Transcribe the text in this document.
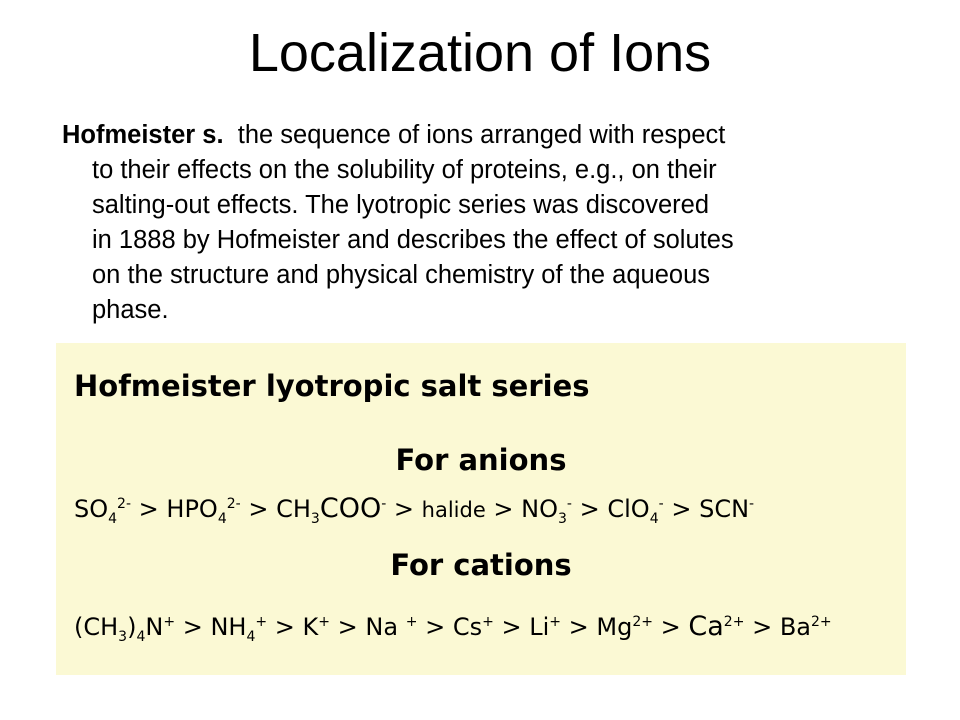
Localization of Ions
Hofmeister s. the sequence of ions arranged with respect
to their effects on the solubility of proteins, e.g., on their
salting-out effects. The lyotropic series was discovered
in 1888 by Hofmeister and describes the effect of solutes
on the structure and physical chemistry of the aqueous
phase.
Hofmeister lyotropic salt series
For anions
$SO_4^{2-} > HPO_4^{2-} > CH_3COO^-$ > halide > $NO_3^- > ClO_4^- > SCN^-$
For cations
$(CH_3)_4N^+ > NH_4^+ > K^+ > Na$ $^+ > Cs^+ > Li^+ > Mg^{2+} > Ca^{2+} > Ba^{2+}$
